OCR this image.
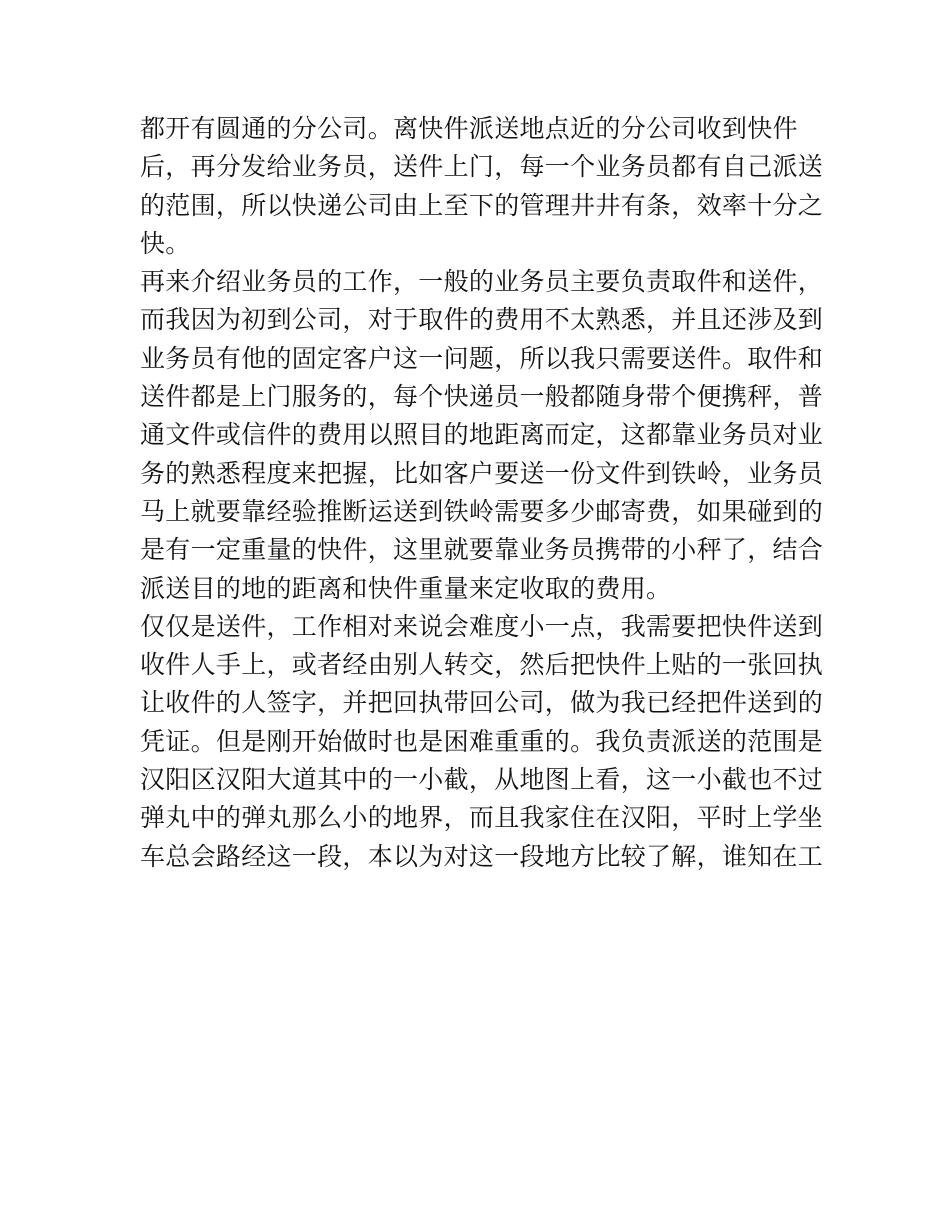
都开有圆通的分公司。离快件派送地点近的分公司收到快件
后，再分发给业务员，送件上门，每一个业务员都有自己派送
的范围，所以快递公司由上至下的管理井井有条，效率十分之
快。
再来介绍业务员的工作，一般的业务员主要负责取件和送件，
而我因为初到公司，对于取件的费用不太熟悉，并且还涉及到
业务员有他的固定客户这一问题，所以我只需要送件。取件和
送件都是上门服务的，每个快递员一般都随身带个便携秤，普
通文件或信件的费用以照目的地距离而定，这都靠业务员对业
务的熟悉程度来把握，比如客户要送一份文件到铁岭，业务员
马上就要靠经验推断运送到铁岭需要多少邮寄费，如果碰到的
是有一定重量的快件，这里就要靠业务员携带的小秤了，结合
派送目的地的距离和快件重量来定收取的费用。
仅仅是送件，工作相对来说会难度小一点，我需要把快件送到
收件人手上，或者经由别人转交，然后把快件上贴的一张回执
让收件的人签字，并把回执带回公司，做为我已经把件送到的
凭证。但是刚开始做时也是困难重重的。我负责派送的范围是
汉阳区汉阳大道其中的一小截，从地图上看，这一小截也不过
弹丸中的弹丸那么小的地界，而且我家住在汉阳，平时上学坐
车总会路经这一段，本以为对这一段地方比较了解，谁知在工
